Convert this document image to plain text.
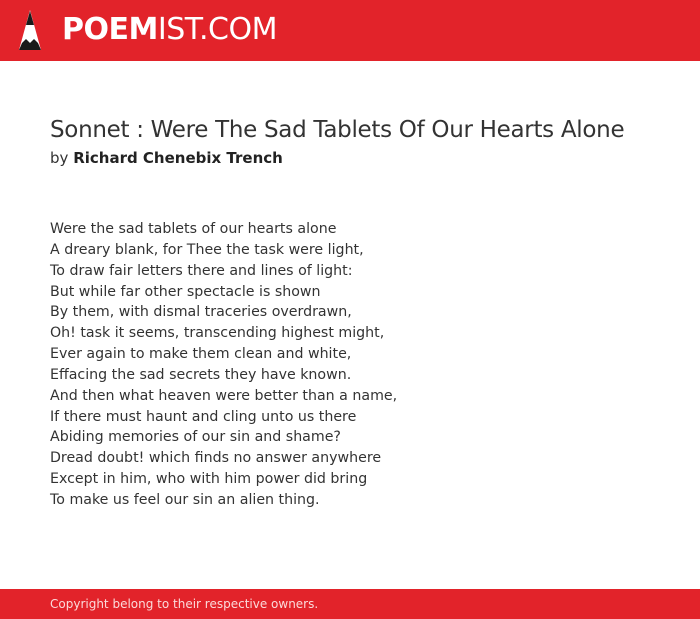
POEMIST.COM
Sonnet : Were The Sad Tablets Of Our Hearts Alone
by Richard Chenebix Trench
Were the sad tablets of our hearts alone
A dreary blank, for Thee the task were light,
To draw fair letters there and lines of light:
But while far other spectacle is shown
By them, with dismal traceries overdrawn,
Oh! task it seems, transcending highest might,
Ever again to make them clean and white,
Effacing the sad secrets they have known.
And then what heaven were better than a name,
If there must haunt and cling unto us there
Abiding memories of our sin and shame?
Dread doubt! which finds no answer anywhere
Except in him, who with him power did bring
To make us feel our sin an alien thing.
Copyright belong to their respective owners.
